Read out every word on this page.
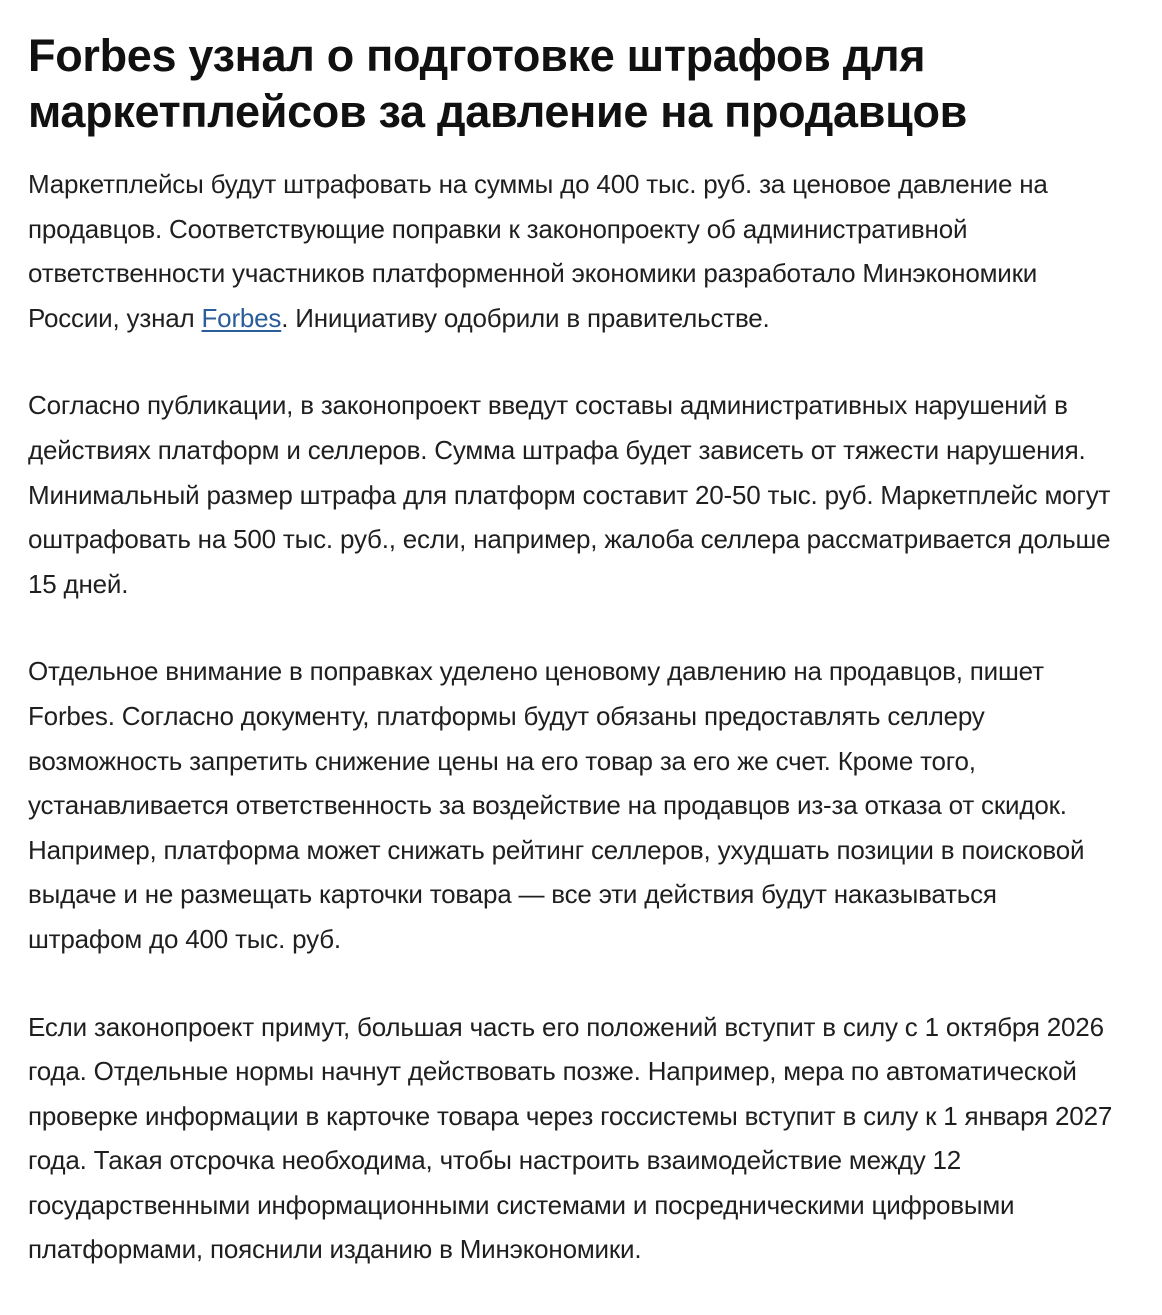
Forbes узнал о подготовке штрафов для маркетплейсов за давление на продавцов

Маркетплейсы будут штрафовать на суммы до 400 тыс. руб. за ценовое давление на продавцов. Соответствующие поправки к законопроекту об административной ответственности участников платформенной экономики разработало Минэкономики России, узнал Forbes. Инициативу одобрили в правительстве.

Согласно публикации, в законопроект введут составы административных нарушений в действиях платформ и селлеров. Сумма штрафа будет зависеть от тяжести нарушения. Минимальный размер штрафа для платформ составит 20-50 тыс. руб. Маркетплейс могут оштрафовать на 500 тыс. руб., если, например, жалоба селлера рассматривается дольше 15 дней.

Отдельное внимание в поправках уделено ценовому давлению на продавцов, пишет Forbes. Согласно документу, платформы будут обязаны предоставлять селлеру возможность запретить снижение цены на его товар за его же счет. Кроме того, устанавливается ответственность за воздействие на продавцов из-за отказа от скидок. Например, платформа может снижать рейтинг селлеров, ухудшать позиции в поисковой выдаче и не размещать карточки товара — все эти действия будут наказываться штрафом до 400 тыс. руб.

Если законопроект примут, большая часть его положений вступит в силу с 1 октября 2026 года. Отдельные нормы начнут действовать позже. Например, мера по автоматической проверке информации в карточке товара через госсистемы вступит в силу к 1 января 2027 года. Такая отсрочка необходима, чтобы настроить взаимодействие между 12 государственными информационными системами и посредническими цифровыми платформами, пояснили изданию в Минэкономики.
